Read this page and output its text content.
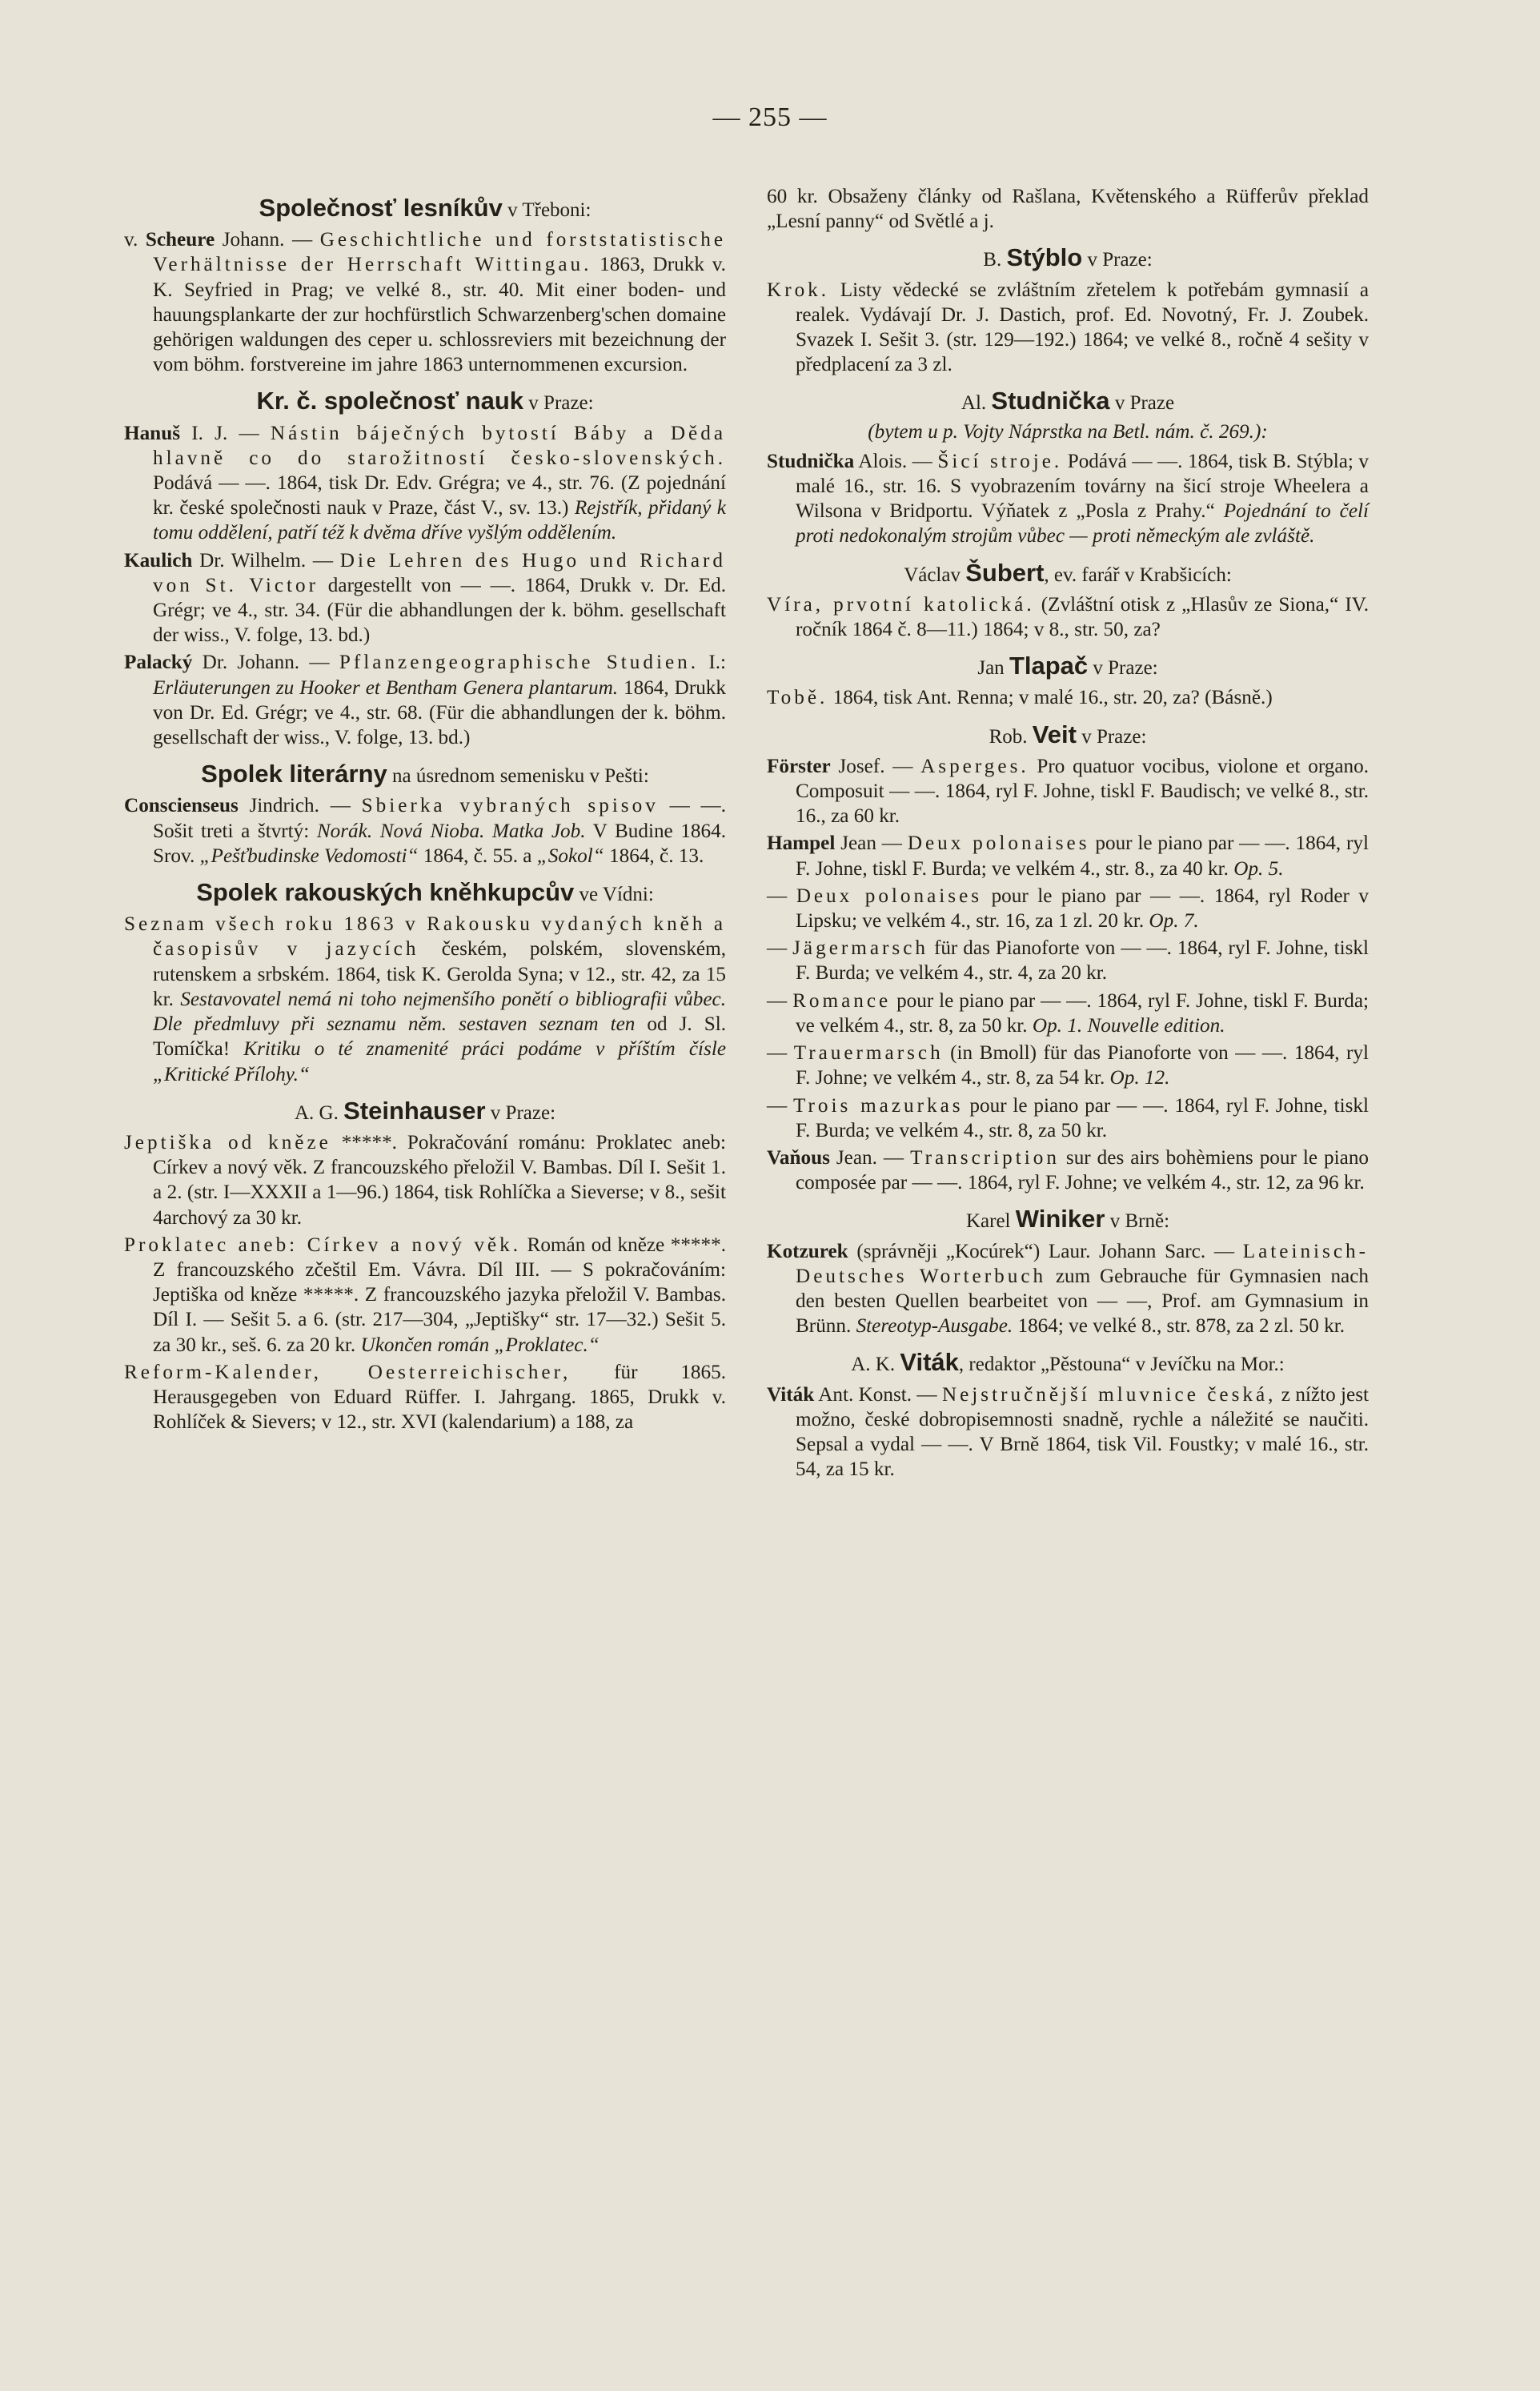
— 255 —
Společnosť lesníkův v Třeboni:

v. Scheure Johann. — Geschichtliche und forststatistische Verhältnisse der Herrschaft Wittingau. 1863, Drukk v. K. Seyfried in Prag; ve velké 8., str. 40. Mit einer boden- und hauungsplankarte der zur hochfürstlich Schwarzenberg'schen domaine gehörigen waldungen des ceper u. schlossreviers mit bezeichnung der vom böhm. forstvereine im jahre 1863 unternommenen excursion.

Kr. č. společnosť nauk v Praze:

Hanuš I. J. — Nástin báječných bytostí Báby a Děda hlavně co do starožitností česko-slovenských. Podává — —. 1864, tisk Dr. Edv. Grégra; ve 4., str. 76. (Z pojednání kr. české společnosti nauk v Praze, část V., sv. 13.) Rejstřík, přidaný k tomu oddělení, patří též k dvěma dříve vyšlým oddělením.

Kaulich Dr. Wilhelm. — Die Lehren des Hugo und Richard von St. Victor dargestellt von — —. 1864, Drukk v. Dr. Ed. Grégr; ve 4., str. 34. (Für die abhandlungen der k. böhm. gesellschaft der wiss., V. folge, 13. bd.)

Palacký Dr. Johann. — Pflanzengeographische Studien. I.: Erläuterungen zu Hooker et Bentham Genera plantarum. 1864, Drukk von Dr. Ed. Grégr; ve 4., str. 68. (Für die abhandlungen der k. böhm. gesellschaft der wiss., V. folge, 13. bd.)

Spolek literárny na úsrednom semenisku v Pešti:

Conscienseus Jindrich. — Sbierka vybraných spisov — —. Sošit treti a štvrtý: Norák. Nová Nioba. Matka Job. V Budine 1864. Srov. „Pešťbudinske Vedomosti“ 1864, č. 55. a „Sokol“ 1864, č. 13.

Spolek rakouských kněhkupcův ve Vídni:

Seznam všech roku 1863 v Rakousku vydaných kněh a časopisův v jazycích českém, polském, slovenském, rutenskem a srbském. 1864, tisk K. Gerolda Syna; v 12., str. 42, za 15 kr. Sestavovatel nemá ni toho nejmenšího ponětí o bibliografii vůbec. Dle předmluvy při seznamu něm. sestaven seznam ten od J. Sl. Tomíčka! Kritiku o té znamenité práci podáme v příštím čísle „Kritické Přílohy.“

A. G. Steinhauser v Praze:

Jeptiška od kněze *****. Pokračování románu: Proklatec aneb: Církev a nový věk. Z francouzského přeložil V. Bambas. Díl I. Sešit 1. a 2. (str. I—XXXII a 1—96.) 1864, tisk Rohlíčka a Sieverse; v 8., sešit 4archový za 30 kr.

Proklatec aneb: Církev a nový věk. Román od kněze *****. Z francouzského zčeštil Em. Vávra. Díl III. — S pokračováním: Jeptiška od kněze *****. Z francouzského jazyka přeložil V. Bambas. Díl I. — Sešit 5. a 6. (str. 217—304, „Jeptišky“ str. 17—32.) Sešit 5. za 30 kr., seš. 6. za 20 kr. Ukončen román „Proklatec.“

Reform-Kalender, Oesterreichischer, für 1865. Herausgegeben von Eduard Rüffer. I. Jahrgang. 1865, Drukk v. Rohlíček & Sievers; v 12., str. XVI (kalendarium) a 188, za

60 kr. Obsaženy články od Rašlana, Květenského a Rüfferův překlad „Lesní panny“ od Světlé a j.

B. Stýblo v Praze:

Krok. Listy vědecké se zvláštním zřetelem k potřebám gymnasií a realek. Vydávají Dr. J. Dastich, prof. Ed. Novotný, Fr. J. Zoubek. Svazek I. Sešit 3. (str. 129—192.) 1864; ve velké 8., ročně 4 sešity v předplacení za 3 zl.

Al. Studnička v Praze
(bytem u p. Vojty Náprstka na Betl. nám. č. 269.):

Studnička Alois. — Šicí stroje. Podává — —. 1864, tisk B. Stýbla; v malé 16., str. 16. S vyobrazením továrny na šicí stroje Wheelera a Wilsona v Bridportu. Výňatek z „Posla z Prahy.“ Pojednání to čelí proti nedokonalým strojům vůbec — proti německým ale zvláště.

Václav Šubert, ev. farář v Krabšicích:

Víra, prvotní katolická. (Zvláštní otisk z „Hlasův ze Siona,“ IV. ročník 1864 č. 8—11.) 1864; v 8., str. 50, za?

Jan Tlapač v Praze:

Tobě. 1864, tisk Ant. Renna; v malé 16., str. 20, za? (Básně.)

Rob. Veit v Praze:

Förster Josef. — Asperges. Pro quatuor vocibus, violone et organo. Composuit — —. 1864, ryl F. Johne, tiskl F. Baudisch; ve velké 8., str. 16., za 60 kr.

Hampel Jean — Deux polonaises pour le piano par — —. 1864, ryl F. Johne, tiskl F. Burda; ve velkém 4., str. 8., za 40 kr. Op. 5.

— Deux polonaises pour le piano par — —. 1864, ryl Roder v Lipsku; ve velkém 4., str. 16, za 1 zl. 20 kr. Op. 7.

— Jägermarsch für das Pianoforte von — —. 1864, ryl F. Johne, tiskl F. Burda; ve velkém 4., str. 4, za 20 kr.

— Romance pour le piano par — —. 1864, ryl F. Johne, tiskl F. Burda; ve velkém 4., str. 8, za 50 kr. Op. 1. Nouvelle edition.

— Trauermarsch (in Bmoll) für das Pianoforte von — —. 1864, ryl F. Johne; ve velkém 4., str. 8, za 54 kr. Op. 12.

— Trois mazurkas pour le piano par — —. 1864, ryl F. Johne, tiskl F. Burda; ve velkém 4., str. 8, za 50 kr.

Vaňous Jean. — Transcription sur des airs bohèmiens pour le piano composée par — —. 1864, ryl F. Johne; ve velkém 4., str. 12, za 96 kr.

Karel Winiker v Brně:

Kotzurek (správněji „Kocúrek“) Laur. Johann Sarc. — Lateinisch-Deutsches Worterbuch zum Gebrauche für Gymnasien nach den besten Quellen bearbeitet von — —, Prof. am Gymnasium in Brünn. Stereotyp-Ausgabe. 1864; ve velké 8., str. 878, za 2 zl. 50 kr.

A. K. Viták, redaktor „Pěstouna“ v Jevíčku na Mor.:

Viták Ant. Konst. — Nejstručnější mluvnice česká, z nížto jest možno, české dobropisemnosti snadně, rychle a náležité se naučiti. Sepsal a vydal — —. V Brně 1864, tisk Vil. Foustky; v malé 16., str. 54, za 15 kr.
